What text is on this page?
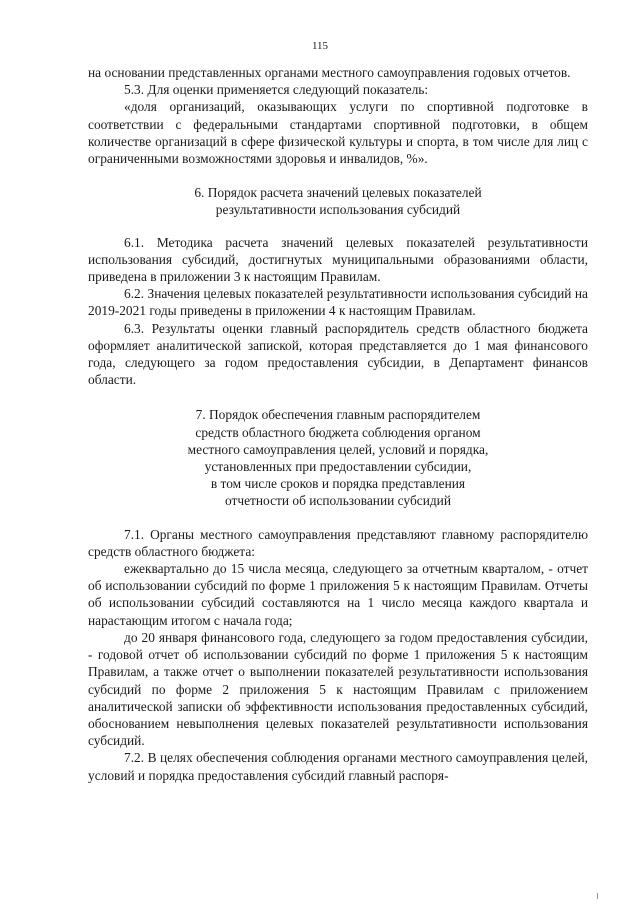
115

на основании представленных органами местного самоуправления годовых отчетов.

5.3. Для оценки применяется следующий показатель:

«доля организаций, оказывающих услуги по спортивной подготовке в соответствии с федеральными стандартами спортивной подготовки, в общем количестве организаций в сфере физической культуры и спорта, в том числе для лиц с ограниченными возможностями здоровья и инвалидов, %».

6. Порядок расчета значений целевых показателей
результативности использования субсидий

6.1. Методика расчета значений целевых показателей результативности использования субсидий, достигнутых муниципальными образованиями области, приведена в приложении 3 к настоящим Правилам.

6.2. Значения целевых показателей результативности использования субсидий на 2019-2021 годы приведены в приложении 4 к настоящим Правилам.

6.3. Результаты оценки главный распорядитель средств областного бюджета оформляет аналитической запиской, которая представляется до 1 мая финансового года, следующего за годом предоставления субсидии, в Департамент финансов области.

7. Порядок обеспечения главным распорядителем
средств областного бюджета соблюдения органом
местного самоуправления целей, условий и порядка,
установленных при предоставлении субсидии,
в том числе сроков и порядка представления
отчетности об использовании субсидий

7.1. Органы местного самоуправления представляют главному распорядителю средств областного бюджета:

ежеквартально до 15 числа месяца, следующего за отчетным кварталом, - отчет об использовании субсидий по форме 1 приложения 5 к настоящим Правилам. Отчеты об использовании субсидий составляются на 1 число месяца каждого квартала и нарастающим итогом с начала года;

до 20 января финансового года, следующего за годом предоставления субсидии, - годовой отчет об использовании субсидий по форме 1 приложения 5 к настоящим Правилам, а также отчет о выполнении показателей результативности использования субсидий по форме 2 приложения 5 к настоящим Правилам с приложением аналитической записки об эффективности использования предоставленных субсидий, обоснованием невыполнения целевых показателей результативности использования субсидий.

7.2. В целях обеспечения соблюдения органами местного самоуправления целей, условий и порядка предоставления субсидий главный распоря-
